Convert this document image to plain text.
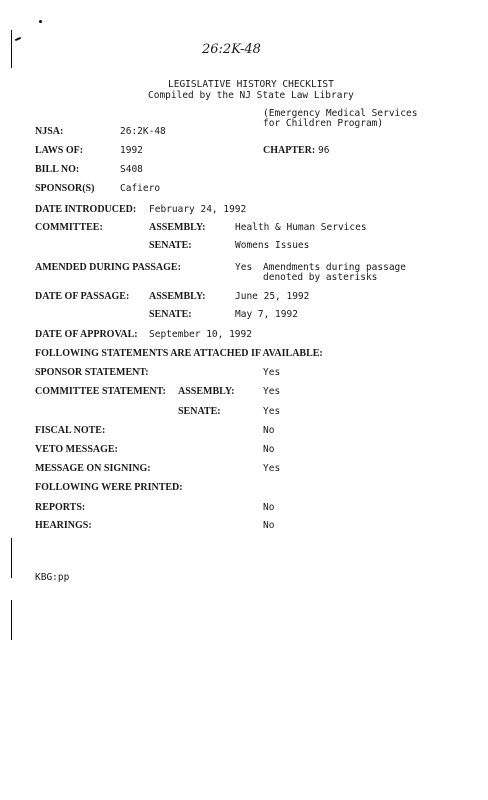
26:2K-48
LEGISLATIVE HISTORY CHECKLIST
Compiled by the NJ State Law Library
(Emergency Medical Services
for Children Program)
NJSA:	26:2K-48
LAWS OF:	1992	CHAPTER: 96
BILL NO:	S408
SPONSOR(S)	Cafiero
DATE INTRODUCED: February 24, 1992
COMMITTEE:	ASSEMBLY:	Health & Human Services
SENATE:	Womens Issues
AMENDED DURING PASSAGE:	Yes Amendments during passage
denoted by asterisks
DATE OF PASSAGE: ASSEMBLY:	June 25, 1992
SENATE:	May 7, 1992
DATE OF APPROVAL: September 10, 1992
FOLLOWING STATEMENTS ARE ATTACHED IF AVAILABLE:
SPONSOR STATEMENT:	Yes
COMMITTEE STATEMENT: ASSEMBLY:	Yes
SENATE:	Yes
FISCAL NOTE:	No
VETO MESSAGE:	No
MESSAGE ON SIGNING:	Yes
FOLLOWING WERE PRINTED:
REPORTS:	No
HEARINGS:	No
KBG:pp
